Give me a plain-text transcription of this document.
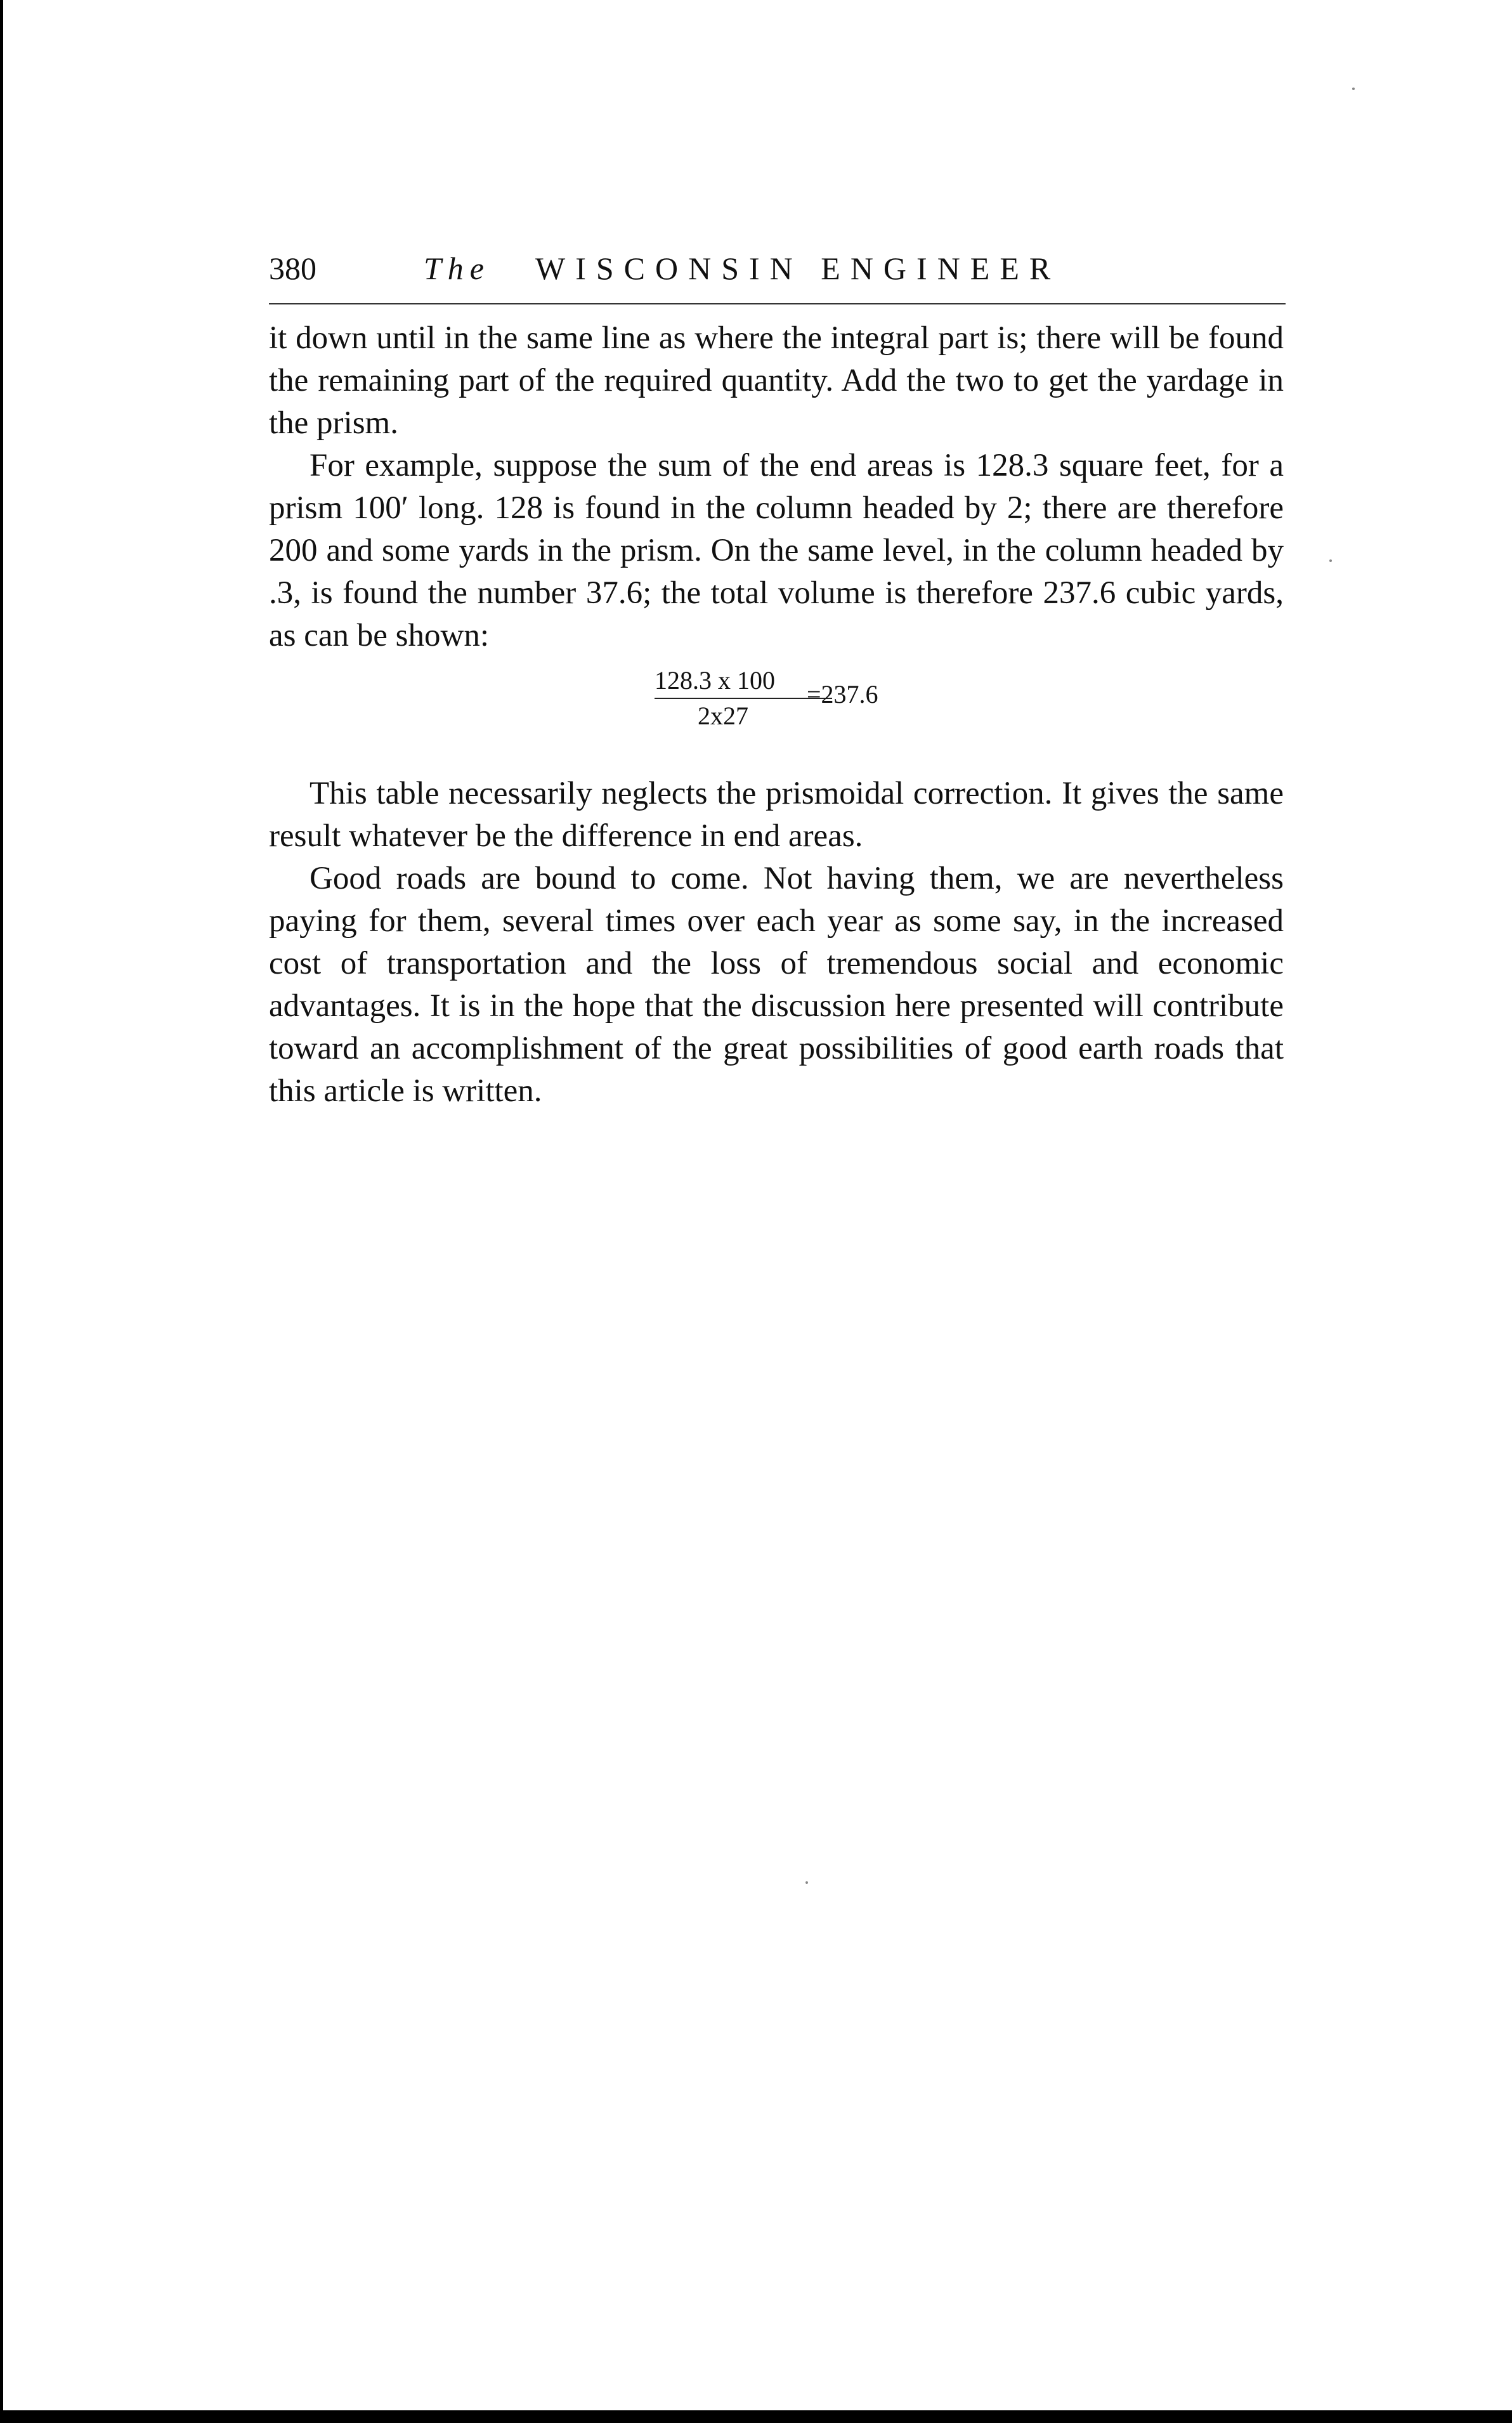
380	The WISCONSIN ENGINEER

it down until in the same line as where the integral part is; there will be found the remaining part of the required quantity. Add the two to get the yardage in the prism.

For example, suppose the sum of the end areas is 128.3 square feet, for a prism 100′ long. 128 is found in the column headed by 2; there are therefore 200 and some yards in the prism. On the same level, in the column headed by .3, is found the number 37.6; the total volume is therefore 237.6 cubic yards, as can be shown:

128.3 x 100
2x27
=237.6

This table necessarily neglects the prismoidal correction. It gives the same result whatever be the difference in end areas.

Good roads are bound to come. Not having them, we are nevertheless paying for them, several times over each year as some say, in the increased cost of transportation and the loss of tremendous social and economic advantages. It is in the hope that the discussion here presented will contribute toward an accomplishment of the great possibilities of good earth roads that this article is written.
